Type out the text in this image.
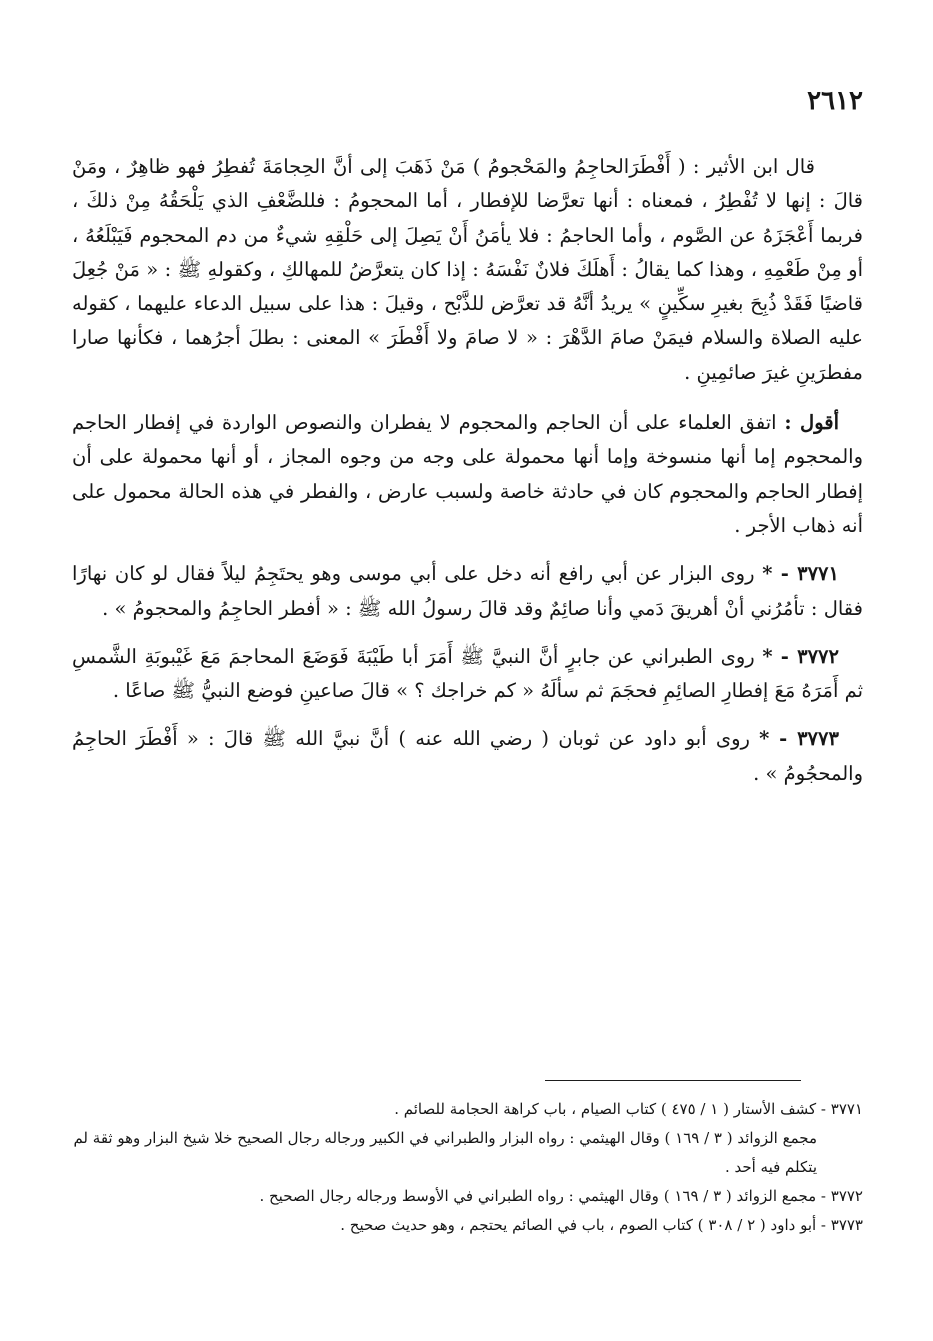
٢٦١٢

قال ابن الأثير : ( أَفْطَرَالحاجِمُ والمَحْجومُ ) مَنْ ذَهَبَ إلى أنَّ الحِجامَةَ تُفطِرُ فهو ظاهِرٌ ، ومَنْ قالَ : إنها لا تُفْطِرُ ، فمعناه : أنها تعرَّضا للإفطار ، أما المحجومُ : فللضَّعْفِ الذي يَلْحَقُهُ مِنْ ذلكَ ، فربما أَعْجَزَهُ عن الصَّوم ، وأما الحاجمُ : فلا يأمَنُ أَنْ يَصِلَ إلى حَلْقِهِ شيءٌ من دم المحجوم فَيَبْلَعُهُ ، أو مِنْ طَعْمِهِ ، وهذا كما يقالُ : أَهلَكَ فلانٌ نَفْسَهُ : إذا كان يتعرَّضُ للمهالكِ ، وكقولهِ ﷺ : « مَنْ جُعِلَ قاضيًا فَقَدْ ذُبِحَ بغيرِ سكِّينٍ » يريدُ أنَّهُ قد تعرَّض للذَّبْح ، وقيلَ : هذا على سبيل الدعاء عليهما ، كقوله عليه الصلاة والسلام فيمَنْ صامَ الدَّهْرَ : « لا صامَ ولا أَفْطَرَ » المعنى : بطلَ أجرُهما ، فكأنها صارا مفطرَينِ غيرَ صائمِينِ .

أقول : اتفق العلماء على أن الحاجم والمحجوم لا يفطران والنصوص الواردة في إفطار الحاجم والمحجوم إما أنها منسوخة وإما أنها محمولة على وجه من وجوه المجاز ، أو أنها محمولة على أن إفطار الحاجم والمحجوم كان في حادثة خاصة ولسبب عارض ، والفطر في هذه الحالة محمول على أنه ذهاب الأجر .

٣٧٧١ - * روى البزار عن أبي رافع أنه دخل على أبي موسى وهو يحتَجِمُ ليلاً فقال لو كان نهارًا فقال : تأمُرُني أنْ أهريقَ دَمي وأنا صائِمٌ وقد قالَ رسولُ الله ﷺ : « أفطر الحاجِمُ والمحجومُ » .

٣٧٧٢ - * روى الطبراني عن جابرٍ أنَّ النبيَّ ﷺ أَمَرَ أبا طَيْبَةَ فَوَضَعَ المحاجمَ مَعَ غَيْبوبَةِ الشَّمسِ ثم أَمَرَهُ مَعَ إفطارِ الصائِمِ فحجَمَ ثم سألَهُ « كم خراجك ؟ » قالَ صاعينِ فوضع النبيُّ ﷺ صاعًا .

٣٧٧٣ - * روى أبو داود عن ثوبان ( رضي الله عنه ) أنَّ نبيَّ الله ﷺ قالَ : « أَفْطَرَ الحاجِمُ والمحجُومُ » .

٣٧٧١ - كشف الأستار ( ١ / ٤٧٥ ) كتاب الصيام ، باب كراهة الحجامة للصائم .

مجمع الزوائد ( ٣ / ١٦٩ ) وقال الهيثمي : رواه البزار والطبراني في الكبير ورجاله رجال الصحيح خلا شيخ البزار وهو ثقة لم يتكلم فيه أحد .

٣٧٧٢ - مجمع الزوائد ( ٣ / ١٦٩ ) وقال الهيثمي : رواه الطبراني في الأوسط ورجاله رجال الصحيح .

٣٧٧٣ - أبو داود ( ٢ / ٣٠٨ ) كتاب الصوم ، باب في الصائم يحتجم ، وهو حديث صحيح .
